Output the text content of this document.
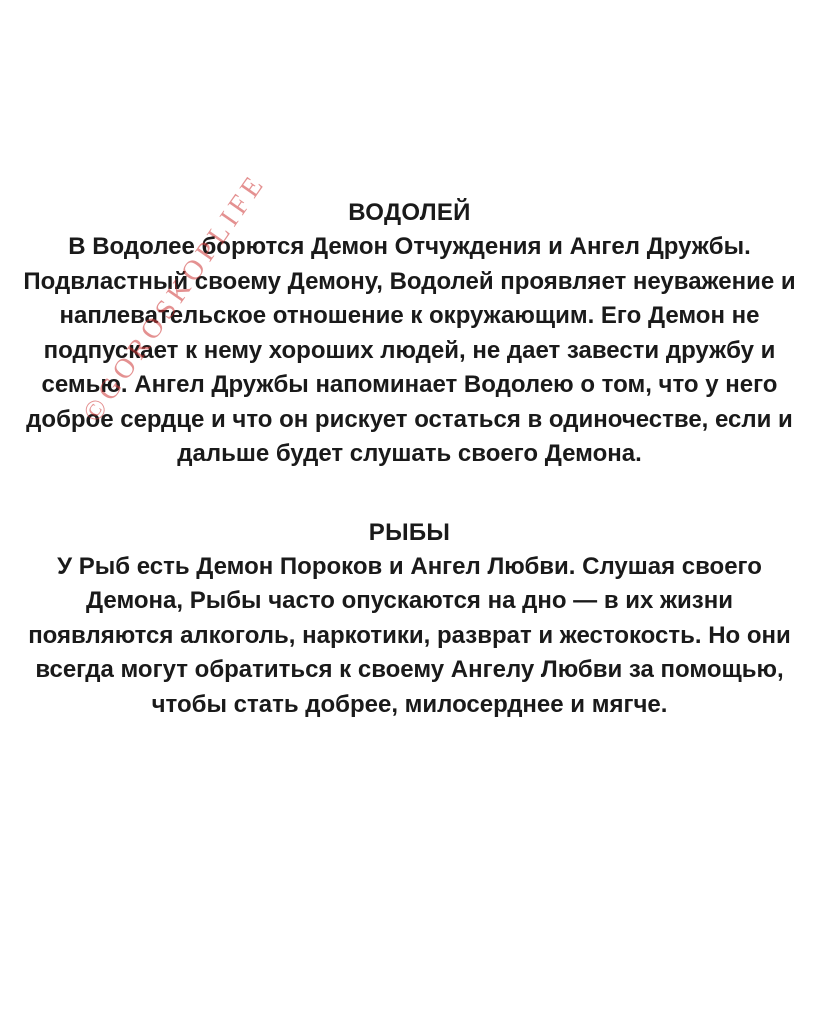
ВОДОЛЕЙ

В Водолее борются Демон Отчуждения и Ангел Дружбы. Подвластный своему Демону, Водолей проявляет неуважение и наплевательское отношение к окружающим. Его Демон не подпускает к нему хороших людей, не дает завести дружбу и семью. Ангел Дружбы напоминает Водолею о том, что у него доброе сердце и что он рискует остаться в одиночестве, если и дальше будет слушать своего Демона.

РЫБЫ

У Рыб есть Демон Пороков и Ангел Любви. Слушая своего Демона, Рыбы часто опускаются на дно — в их жизни появляются алкоголь, наркотики, разврат и жестокость. Но они всегда могут обратиться к своему Ангелу Любви за помощью, чтобы стать добрее, милосерднее и мягче.

©GOROSKOPLIFE
